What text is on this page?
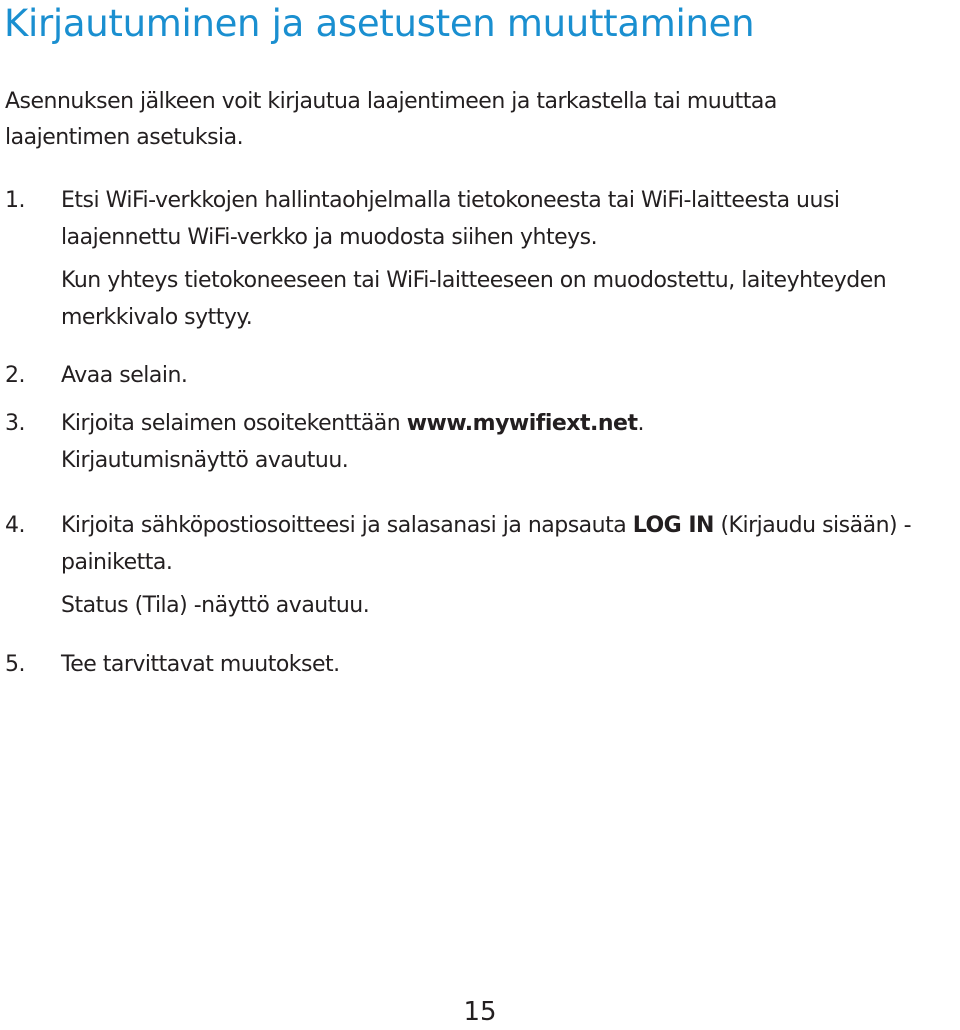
Kirjautuminen ja asetusten muuttaminen

Asennuksen jälkeen voit kirjautua laajentimeen ja tarkastella tai muuttaa laajentimen asetuksia.

1.	Etsi WiFi-verkkojen hallintaohjelmalla tietokoneesta tai WiFi-laitteesta uusi laajennettu WiFi-verkko ja muodosta siihen yhteys.

Kun yhteys tietokoneeseen tai WiFi-laitteeseen on muodostettu, laiteyhteyden merkkivalo syttyy.

2.	Avaa selain.

3.	Kirjoita selaimen osoitekenttään www.mywifiext.net.

Kirjautumisnäyttö avautuu.

4.	Kirjoita sähköpostiosoitteesi ja salasanasi ja napsauta LOG IN (Kirjaudu sisään) -painiketta.

Status (Tila) -näyttö avautuu.

5.	Tee tarvittavat muutokset.

15
